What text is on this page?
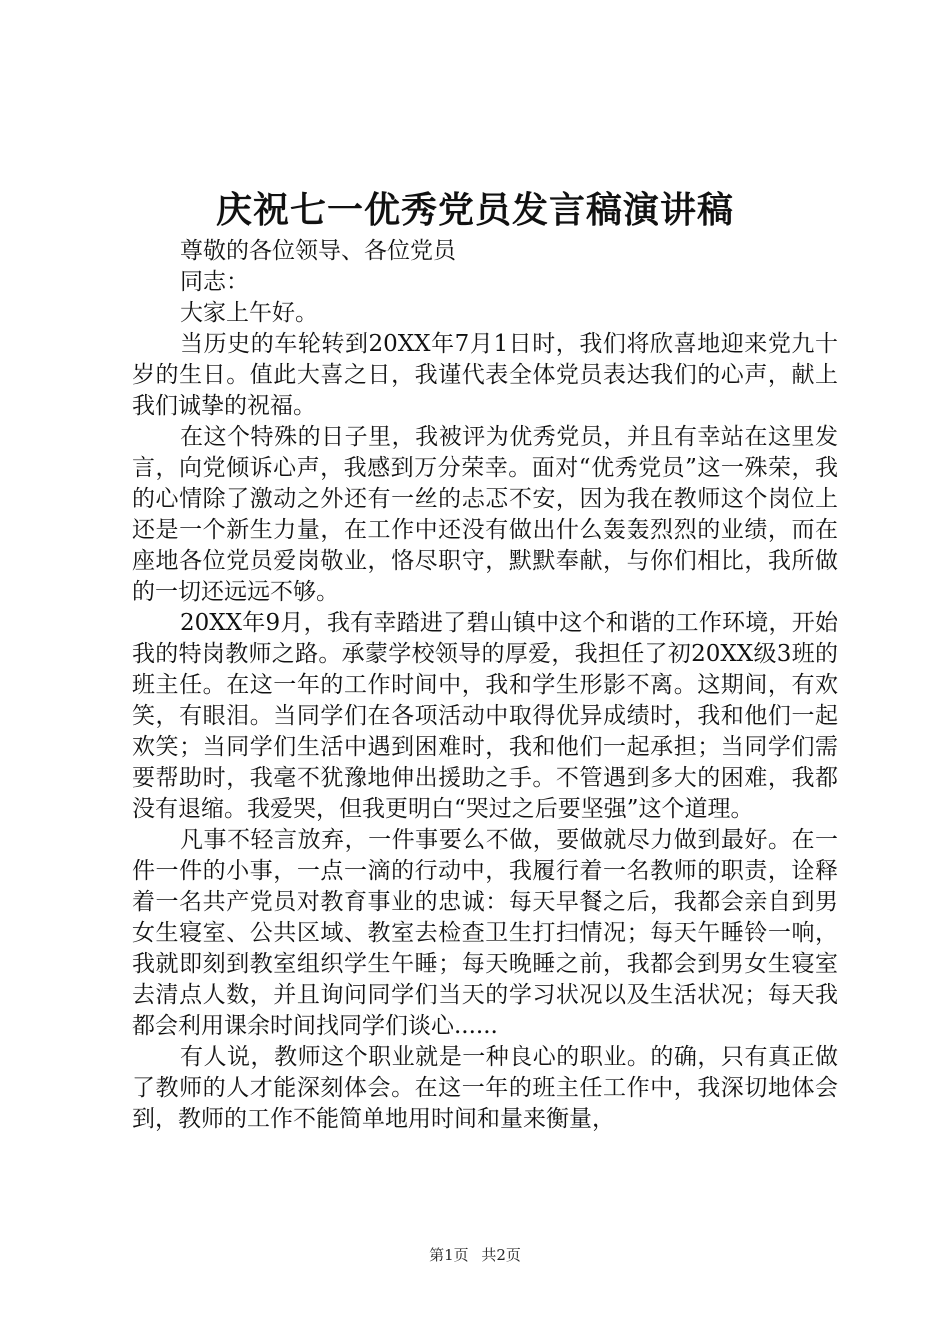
庆祝七一优秀党员发言稿演讲稿

尊敬的各位领导、各位党员

同志：

大家上午好。

当历史的车轮转到20XX年7月1日时，我们将欣喜地迎来党九十岁的生日。值此大喜之日，我谨代表全体党员表达我们的心声，献上我们诚挚的祝福。

在这个特殊的日子里，我被评为优秀党员，并且有幸站在这里发言，向党倾诉心声，我感到万分荣幸。面对“优秀党员”这一殊荣，我的心情除了激动之外还有一丝的忐忑不安，因为我在教师这个岗位上还是一个新生力量，在工作中还没有做出什么轰轰烈烈的业绩，而在座地各位党员爱岗敬业，恪尽职守，默默奉献，与你们相比，我所做的一切还远远不够。

20XX年9月，我有幸踏进了碧山镇中这个和谐的工作环境，开始我的特岗教师之路。承蒙学校领导的厚爱，我担任了初20XX级3班的班主任。在这一年的工作时间中，我和学生形影不离。这期间，有欢笑，有眼泪。当同学们在各项活动中取得优异成绩时，我和他们一起欢笑；当同学们生活中遇到困难时，我和他们一起承担；当同学们需要帮助时，我毫不犹豫地伸出援助之手。不管遇到多大的困难，我都没有退缩。我爱哭，但我更明白“哭过之后要坚强”这个道理。

凡事不轻言放弃，一件事要么不做，要做就尽力做到最好。在一件一件的小事，一点一滴的行动中，我履行着一名教师的职责，诠释着一名共产党员对教育事业的忠诚：每天早餐之后，我都会亲自到男女生寝室、公共区域、教室去检查卫生打扫情况；每天午睡铃一响，我就即刻到教室组织学生午睡；每天晚睡之前，我都会到男女生寝室去清点人数，并且询问同学们当天的学习状况以及生活状况；每天我都会利用课余时间找同学们谈心......

有人说，教师这个职业就是一种良心的职业。的确，只有真正做了教师的人才能深刻体会。在这一年的班主任工作中，我深切地体会到，教师的工作不能简单地用时间和量来衡量，

第1页 共2页
